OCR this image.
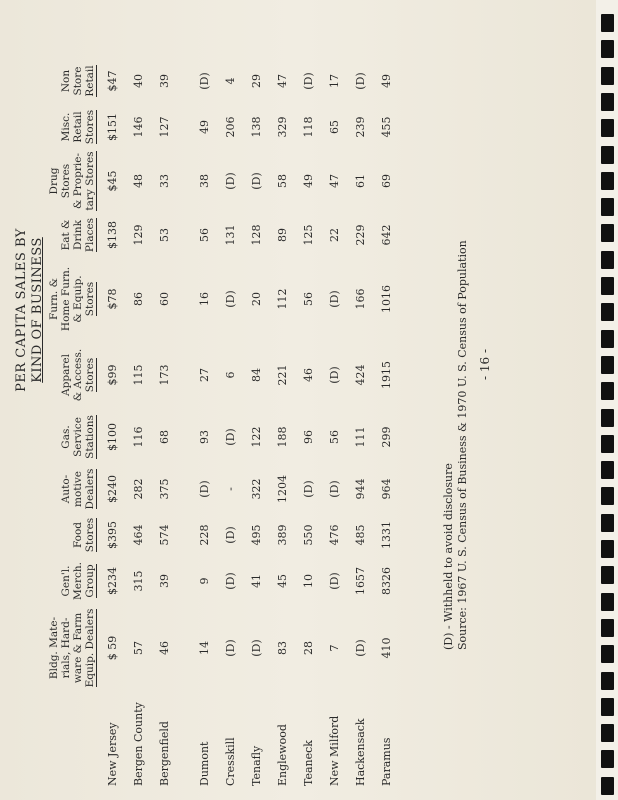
PER CAPITA SALES BY KIND OF BUSINESS
	Bldg. Mate-
rials, Hard-
ware & Farm
Equip. Dealers	Gen'l.
Merch.
Group	Food
Stores	Auto-
motive
Dealers	Gas.
Service
Stations	Apparel
& Access.
Stores	Furn. &
Home Furn.
& Equip.
Stores	Eat &
Drink
Places	Drug Stores
& Proprie-
tary Stores	Misc.
Retail
Stores	Non
Store
Retail
New Jersey	$ 59	$234	$395	$240	$100	$99	$78	$138	$45	$151	$47
Bergen County	57	315	464	282	116	115	86	129	48	146	40
Bergenfield	46	39	574	375	68	173	60	53	33	127	39
Dumont	14	9	228	(D)	93	27	16	56	38	49	(D)
Cresskill	(D)	(D)	(D)	-	(D)	6	(D)	131	(D)	206	4
Tenafly	(D)	41	495	322	122	84	20	128	(D)	138	29
Englewood	83	45	389	1204	188	221	112	89	58	329	47
Teaneck	28	10	550	(D)	96	46	56	125	49	118	(D)
New Milford	7	(D)	476	(D)	56	(D)	(D)	22	47	65	17
Hackensack	(D)	1657	485	944	111	424	166	229	61	239	(D)
Paramus	410	8326	1331	964	299	1915	1016	642	69	455	49
(D) - Withheld to avoid disclosure Source: 1967 U. S. Census of Business & 1970 U. S. Census of Population - 16 -
